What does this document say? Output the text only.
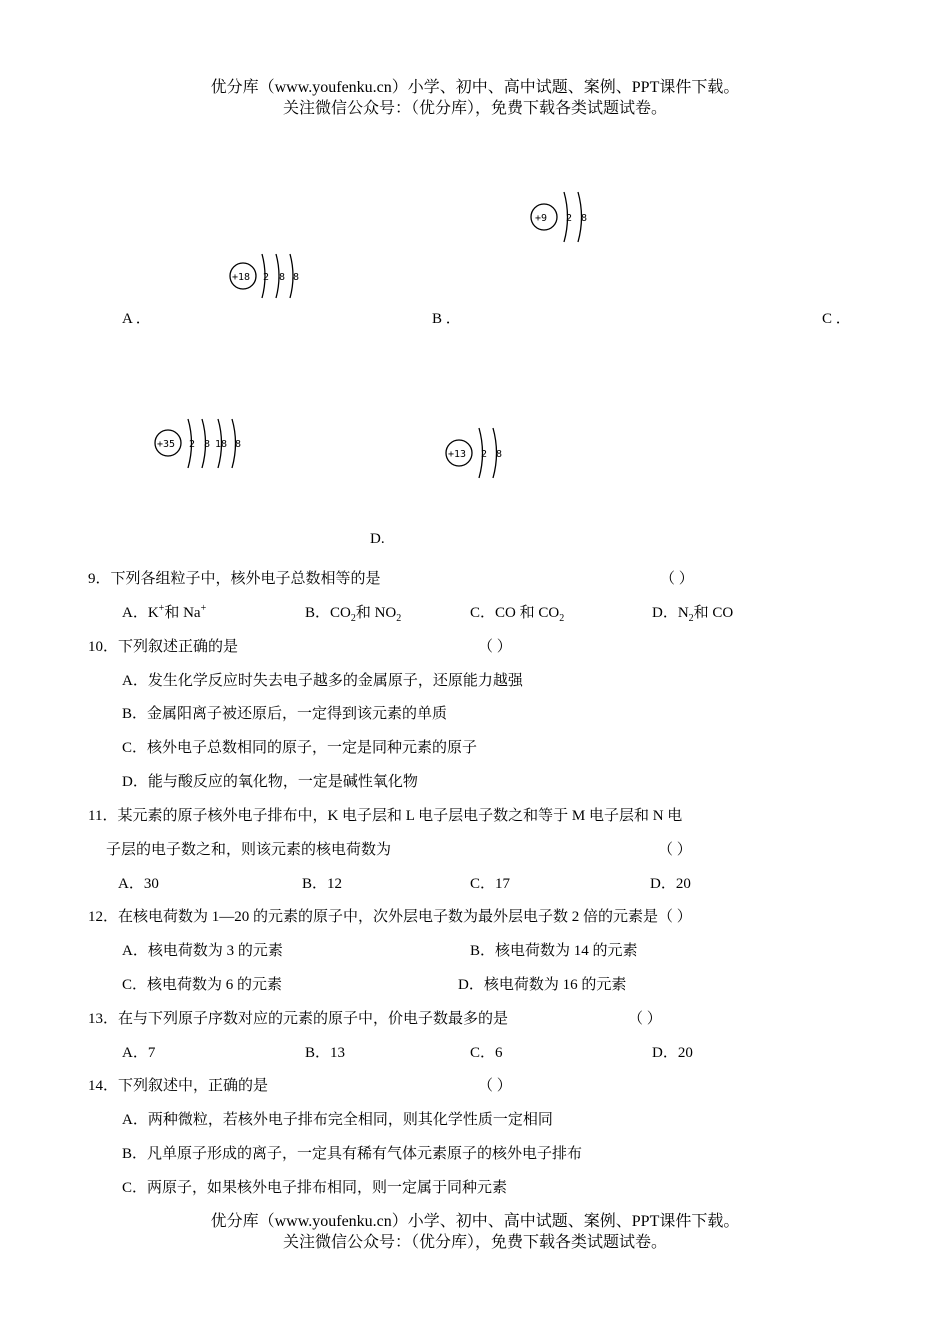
优分库（www.youfenku.cn）小学、初中、高中试题、案例、PPT课件下载。
关注微信公众号：（优分库），免费下载各类试题试卷。
+18 2 8 8
+9 2 8
A ．	B ．	C ．
+35 2 8 18 8
+13 2 8
D.
9．下列各组粒子中，核外电子总数相等的是	（ ）
A．K+和 Na+	B．$CO_2$和 $NO_2$	C．CO 和 $CO_2$	D．$N_2$和 CO
10．下列叙述正确的是	（ ）
A．发生化学反应时失去电子越多的金属原子，还原能力越强
B．金属阳离子被还原后，一定得到该元素的单质
C．核外电子总数相同的原子，一定是同种元素的原子
D．能与酸反应的氧化物，一定是碱性氧化物
11．某元素的原子核外电子排布中，K 电子层和 L 电子层电子数之和等于 M 电子层和 N 电
子层的电子数之和，则该元素的核电荷数为	（ ）
A．30	B．12	C．17	D．20
12．在核电荷数为 1—20 的元素的原子中，次外层电子数为最外层电子数 2 倍的元素是（ ）
A．核电荷数为 3 的元素	B．核电荷数为 14 的元素
C．核电荷数为 6 的元素	D．核电荷数为 16 的元素
13．在与下列原子序数对应的元素的原子中，价电子数最多的是	（ ）
A．7	B．13	C．6	D．20
14．下列叙述中，正确的是	（ ）
A．两种微粒，若核外电子排布完全相同，则其化学性质一定相同
B．凡单原子形成的离子，一定具有稀有气体元素原子的核外电子排布
C．两原子，如果核外电子排布相同，则一定属于同种元素
优分库（www.youfenku.cn）小学、初中、高中试题、案例、PPT课件下载。
关注微信公众号：（优分库），免费下载各类试题试卷。
